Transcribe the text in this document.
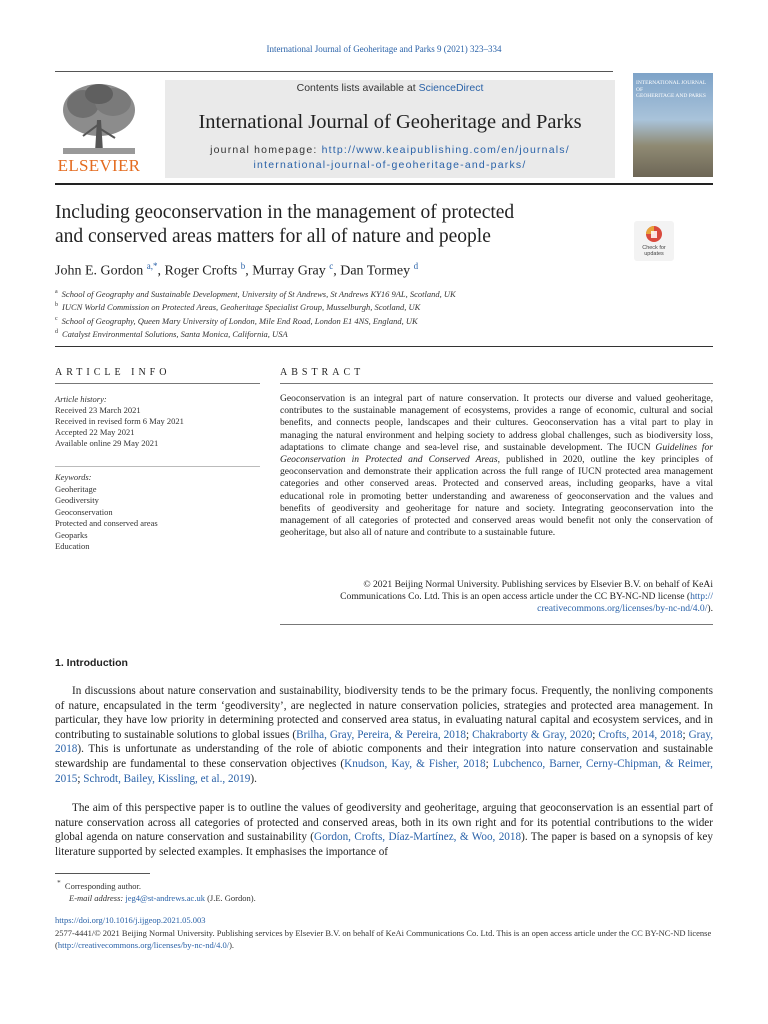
International Journal of Geoheritage and Parks 9 (2021) 323–334
ELSEVIER
Contents lists available at ScienceDirect
International Journal of Geoheritage and Parks
journal homepage: http://www.keaipublishing.com/en/journals/
international-journal-of-geoheritage-and-parks/
INTERNATIONAL JOURNAL OF
GEOHERITAGE AND PARKS
Including geoconservation in the management of protected
and conserved areas matters for all of nature and people
Check for
updates
John E. Gordon $^{a,*}$, Roger Crofts $^b$, Murray Gray $^c$, Dan Tormey $^d$
$^a$ School of Geography and Sustainable Development, University of St Andrews, St Andrews KY16 9AL, Scotland, UK
$^b$ IUCN World Commission on Protected Areas, Geoheritage Specialist Group, Musselburgh, Scotland, UK
$^c$ School of Geography, Queen Mary University of London, Mile End Road, London E1 4NS, England, UK
$^d$ Catalyst Environmental Solutions, Santa Monica, California, USA
ARTICLE INFO
Article history:
Received 23 March 2021
Received in revised form 6 May 2021
Accepted 22 May 2021
Available online 29 May 2021
Keywords:
Geoheritage
Geodiversity
Geoconservation
Protected and conserved areas
Geoparks
Education
ABSTRACT
Geoconservation is an integral part of nature conservation. It protects our diverse and valued geoheritage, contributes to the sustainable management of ecosystems, provides a range of economic, cultural and social benefits, and connects people, landscapes and their cultures. Geoconservation has a vital part to play in managing the natural environment and helping society to address global challenges, such as biodiversity loss, adaptations to climate change and sea-level rise, and sustainable development. The IUCN Guidelines for Geoconservation in Protected and Conserved Areas, published in 2020, outline the key principles of geoconservation and demonstrate their application across the full range of IUCN protected area management categories and other conserved areas. Protected and conserved areas, including geoparks, have a vital educational role in promoting better understanding and awareness of geoconservation and the values and benefits of geodiversity and geoheritage for nature and society. Integrating geoconservation into the management of all categories of protected and conserved areas would benefit not only the conservation of geoheritage, but also all of nature and contribute to a sustainable future.
© 2021 Beijing Normal University. Publishing services by Elsevier B.V. on behalf of KeAi
Communications Co. Ltd. This is an open access article under the CC BY-NC-ND license (http://
creativecommons.org/licenses/by-nc-nd/4.0/).
1. Introduction
In discussions about nature conservation and sustainability, biodiversity tends to be the primary focus. Frequently, the nonliving components of nature, encapsulated in the term ‘geodiversity’, are neglected in nature conservation policies, strategies and protected area management. In particular, they have low priority in determining protected and conserved area status, in evaluating natural capital and ecosystem services, and in contributing to sustainable solutions to global issues (Brilha, Gray, Pereira, & Pereira, 2018; Chakraborty & Gray, 2020; Crofts, 2014, 2018; Gray, 2018). This is unfortunate as understanding of the role of abiotic components and their integration into nature conservation and sustainable stewardship are fundamental to these conservation objectives (Knudson, Kay, & Fisher, 2018; Lubchenco, Barner, Cerny-Chipman, & Reimer, 2015; Schrodt, Bailey, Kissling, et al., 2019).
The aim of this perspective paper is to outline the values of geodiversity and geoheritage, arguing that geoconservation is an essential part of nature conservation across all categories of protected and conserved areas, both in its own right and for its potential contributions to the wider global agenda on nature conservation and sustainability (Gordon, Crofts, Díaz-Martínez, & Woo, 2018). The paper is based on a synopsis of key literature supported by selected examples. It emphasises the importance of
* Corresponding author.
E-mail address: jeg4@st-andrews.ac.uk (J.E. Gordon).
https://doi.org/10.1016/j.ijgeop.2021.05.003
2577-4441/© 2021 Beijing Normal University. Publishing services by Elsevier B.V. on behalf of KeAi Communications Co. Ltd. This is an open access article under the CC BY-NC-ND license (http://creativecommons.org/licenses/by-nc-nd/4.0/).
